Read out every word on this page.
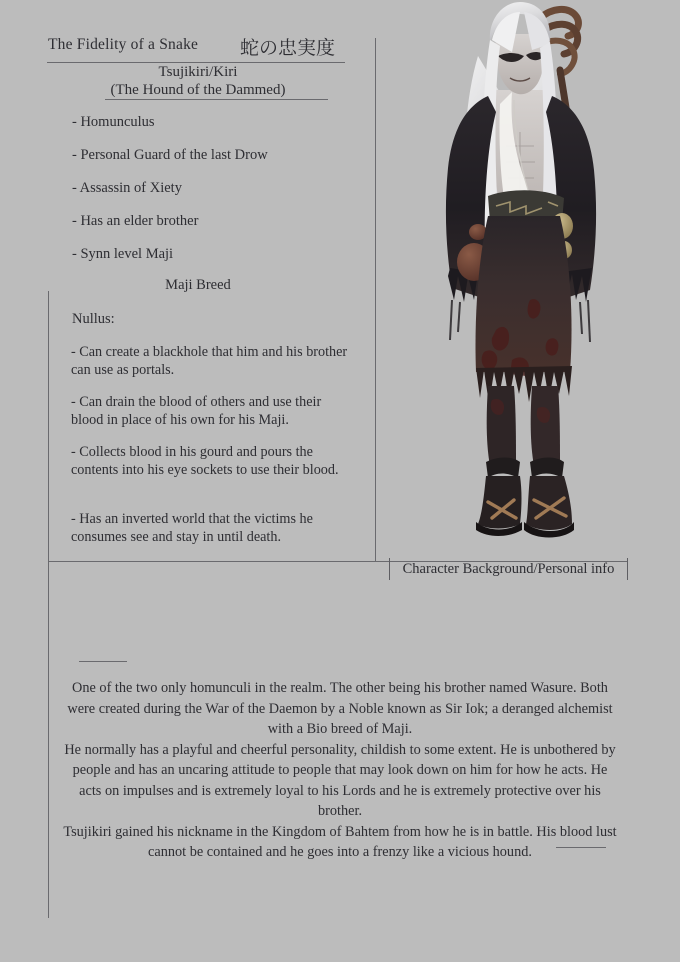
The Fidelity of a Snake 蛇の忠実度
Tsujikiri/Kiri
(The Hound of the Dammed)
- Homunculus
- Personal Guard of the last Drow
- Assassin of Xiety
- Has an elder brother
- Synn level Maji
Maji Breed
Nullus:
- Can create a blackhole that him and his brother can use as portals.
- Can drain the blood of others and use their blood in place of his own for his Maji.
- Collects blood in his gourd and pours the contents into his eye sockets to use their blood.
- Has an inverted world that the victims he consumes see and stay in until death.
Character Background/Personal info

One of the two only homunculi in the realm. The other being his brother named Wasure. Both were created during the War of the Daemon by a Noble known as Sir Iok; a deranged alchemist with a Bio breed of Maji.

He normally has a playful and cheerful personality, childish to some extent. He is unbothered by people and has an uncaring attitude to people that may look down on him for how he acts. He acts on impulses and is extremely loyal to his Lords and he is extremely protective over his brother.

Tsujikiri gained his nickname in the Kingdom of Bahtem from how he is in battle. His blood lust cannot be contained and he goes into a frenzy like a vicious hound.
